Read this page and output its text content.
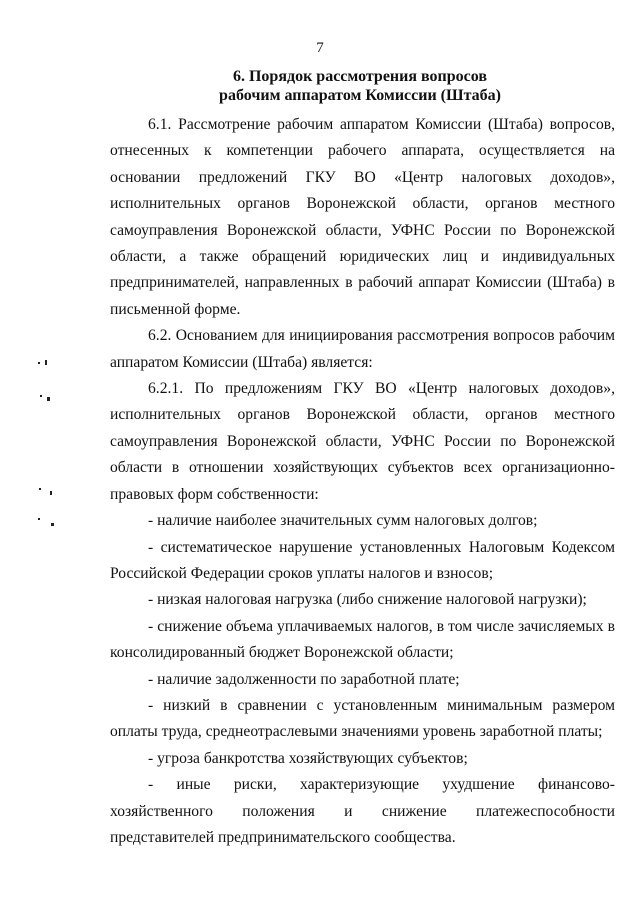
7
6. Порядок рассмотрения вопросов
рабочим аппаратом Комиссии (Штаба)

6.1. Рассмотрение рабочим аппаратом Комиссии (Штаба) вопросов, отнесенных к компетенции рабочего аппарата, осуществляется на основании предложений ГКУ ВО «Центр налоговых доходов», исполнительных органов Воронежской области, органов местного самоуправления Воронежской области, УФНС России по Воронежской области, а также обращений юридических лиц и индивидуальных предпринимателей, направленных в рабочий аппарат Комиссии (Штаба) в письменной форме.

6.2. Основанием для инициирования рассмотрения вопросов рабочим аппаратом Комиссии (Штаба) является:

6.2.1. По предложениям ГКУ ВО «Центр налоговых доходов», исполнительных органов Воронежской области, органов местного самоуправления Воронежской области, УФНС России по Воронежской области в отношении хозяйствующих субъектов всех организационно-правовых форм собственности:

- наличие наиболее значительных сумм налоговых долгов;

- систематическое нарушение установленных Налоговым Кодексом Российской Федерации сроков уплаты налогов и взносов;

- низкая налоговая нагрузка (либо снижение налоговой нагрузки);

- снижение объема уплачиваемых налогов, в том числе зачисляемых в консолидированный бюджет Воронежской области;

- наличие задолженности по заработной плате;

- низкий в сравнении с установленным минимальным размером оплаты труда, среднеотраслевыми значениями уровень заработной платы;

- угроза банкротства хозяйствующих субъектов;

- иные риски, характеризующие ухудшение финансово-хозяйственного положения и снижение платежеспособности представителей предпринимательского сообщества.
